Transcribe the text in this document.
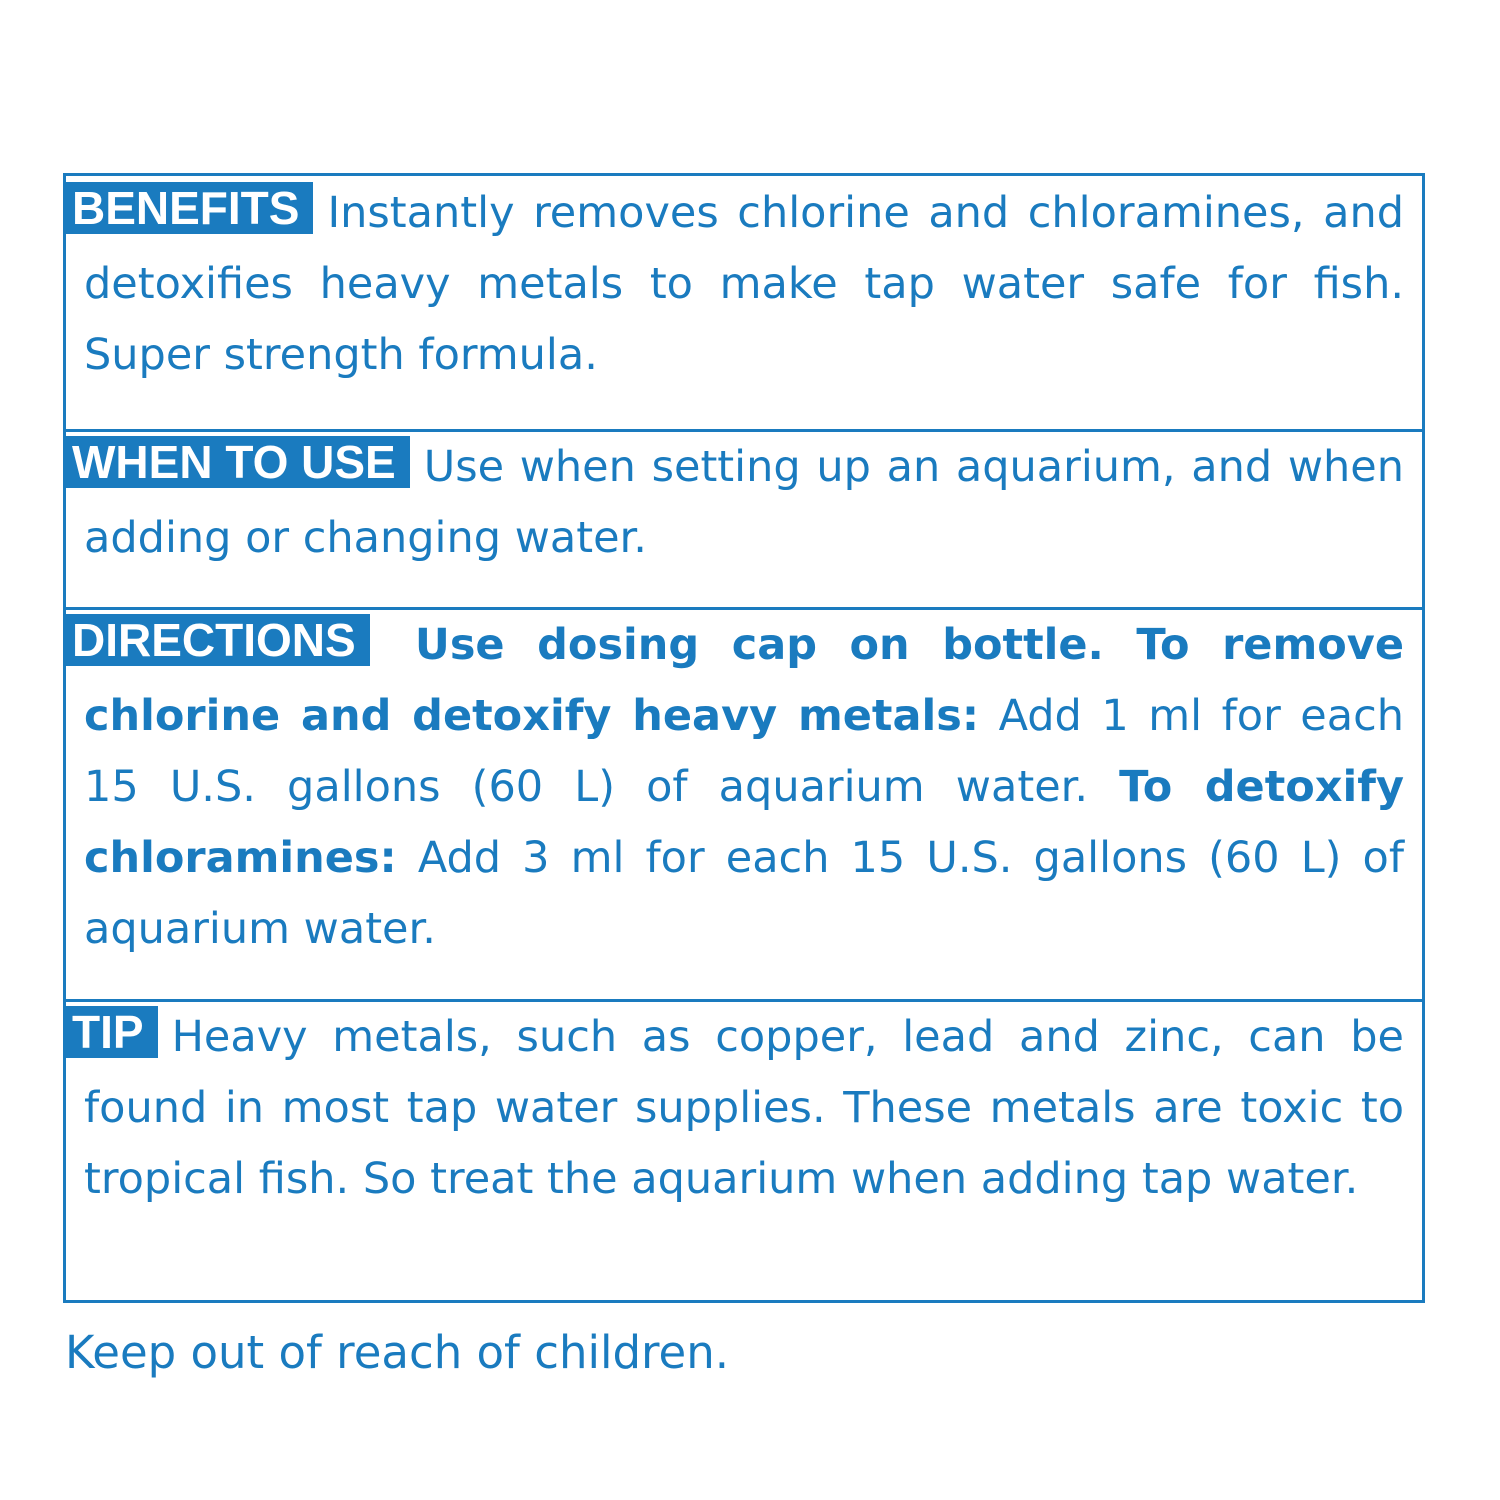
BENEFITS Instantly removes chlorine and chloramines, and detoxifies heavy metals to make tap water safe for fish. Super strength formula.

WHEN TO USE Use when setting up an aquarium, and when adding or changing water.

DIRECTIONS Use dosing cap on bottle. To remove chlorine and detoxify heavy metals: Add 1 ml for each 15 U.S. gallons (60 L) of aquarium water. To detoxify chloramines: Add 3 ml for each 15 U.S. gallons (60 L) of aquarium water.

TIP Heavy metals, such as copper, lead and zinc, can be found in most tap water supplies. These metals are toxic to tropical fish. So treat the aquarium when adding tap water.

Keep out of reach of children.
